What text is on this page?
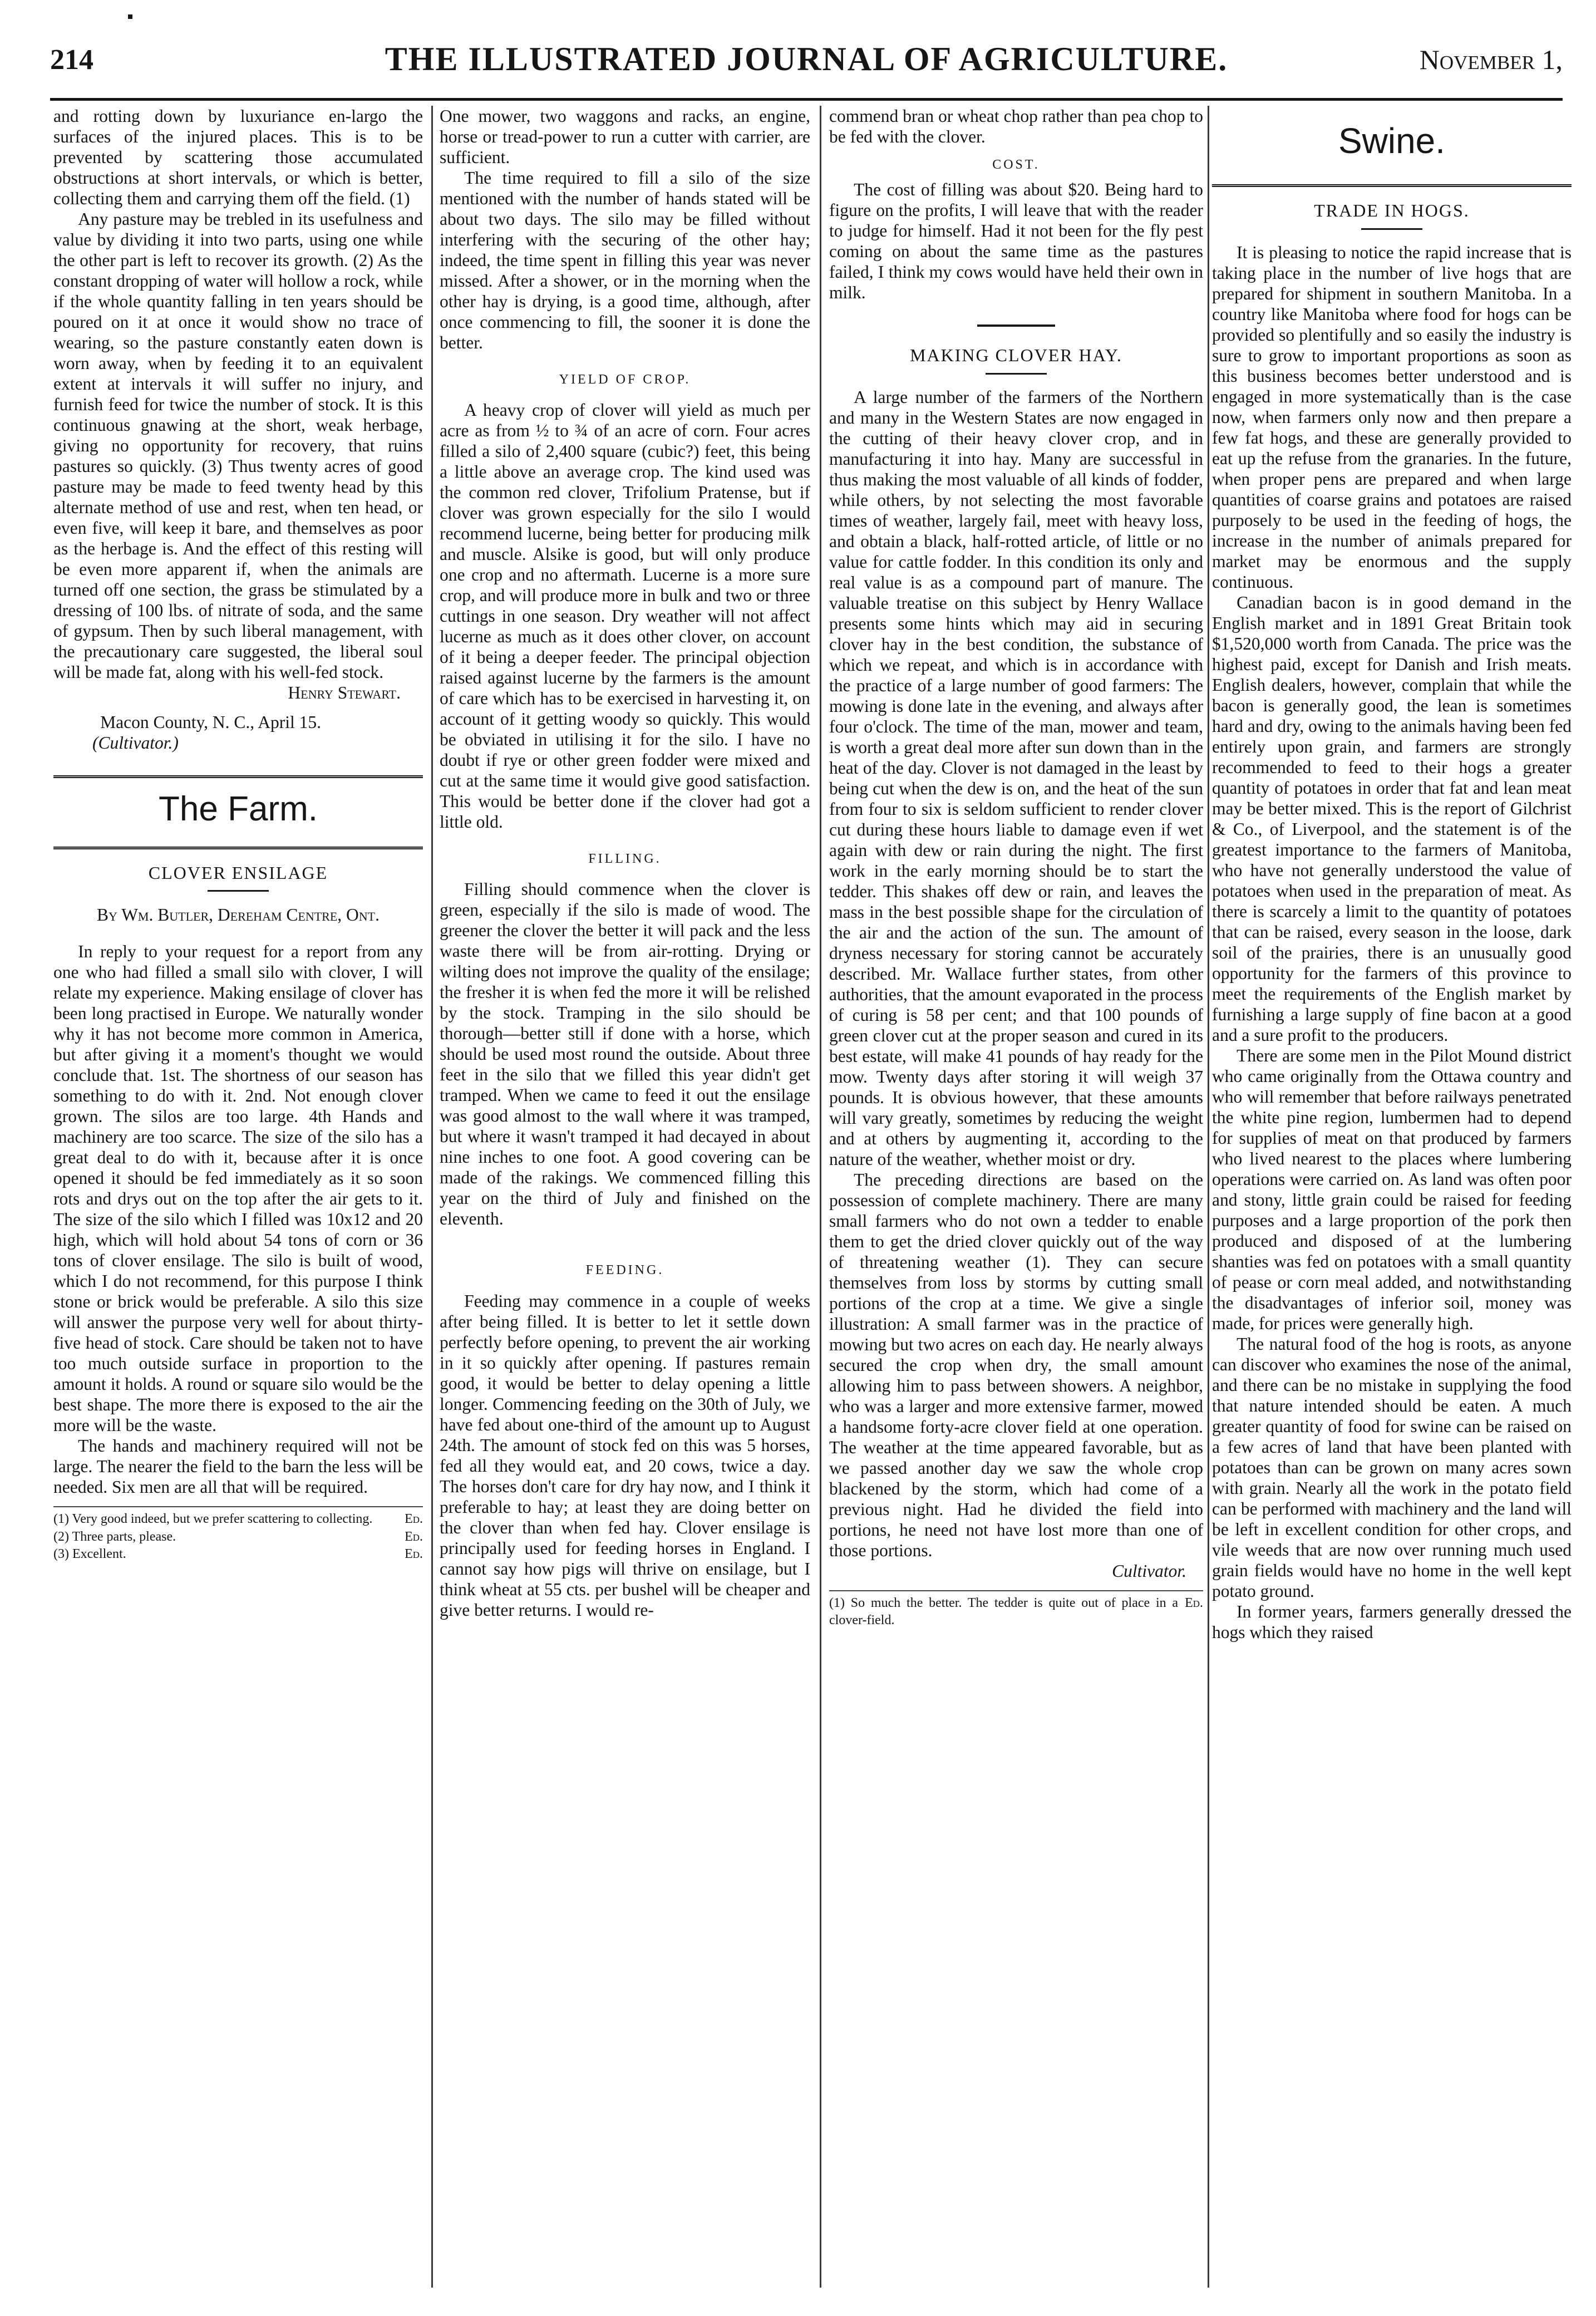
214	THE ILLUSTRATED JOURNAL OF AGRICULTURE.	November 1,

and rotting down by luxuriance en-largo the surfaces of the injured places. This is to be prevented by scattering those accumulated obstructions at short intervals, or which is better, collecting them and carrying them off the field. (1)

Any pasture may be trebled in its usefulness and value by dividing it into two parts, using one while the other part is left to recover its growth. (2) As the constant dropping of water will hollow a rock, while if the whole quantity falling in ten years should be poured on it at once it would show no trace of wearing, so the pasture constantly eaten down is worn away, when by feeding it to an equivalent extent at intervals it will suffer no injury, and furnish feed for twice the number of stock. It is this continuous gnawing at the short, weak herbage, giving no opportunity for recovery, that ruins pastures so quickly. (3) Thus twenty acres of good pasture may be made to feed twenty head by this alternate method of use and rest, when ten head, or even five, will keep it bare, and themselves as poor as the herbage is. And the effect of this resting will be even more apparent if, when the animals are turned off one section, the grass be stimulated by a dressing of 100 lbs. of nitrate of soda, and the same of gypsum. Then by such liberal management, with the precautionary care suggested, the liberal soul will be made fat, along with his well-fed stock.

Henry Stewart.

Macon County, N. C., April 15.

(Cultivator.)

The Farm.
CLOVER ENSILAGE
By Wm. Butler, Dereham Centre, Ont.

In reply to your request for a report from any one who had filled a small silo with clover, I will relate my experience. Making ensilage of clover has been long practised in Europe. We naturally wonder why it has not become more common in America, but after giving it a moment's thought we would conclude that. 1st. The shortness of our season has something to do with it. 2nd. Not enough clover grown. The silos are too large. 4th Hands and machinery are too scarce. The size of the silo has a great deal to do with it, because after it is once opened it should be fed immediately as it so soon rots and drys out on the top after the air gets to it. The size of the silo which I filled was 10x12 and 20 high, which will hold about 54 tons of corn or 36 tons of clover ensilage. The silo is built of wood, which I do not recommend, for this purpose I think stone or brick would be preferable. A silo this size will answer the purpose very well for about thirty-five head of stock. Care should be taken not to have too much outside surface in proportion to the amount it holds. A round or square silo would be the best shape. The more there is exposed to the air the more will be the waste.

The hands and machinery required will not be large. The nearer the field to the barn the less will be needed. Six men are all that will be required.

(1) Very good indeed, but we prefer scattering to collecting.	Ed.
(2) Three parts, please.	Ed.
(3) Excellent.	Ed.

One mower, two waggons and racks, an engine, horse or tread-power to run a cutter with carrier, are sufficient.

The time required to fill a silo of the size mentioned with the number of hands stated will be about two days. The silo may be filled without interfering with the securing of the other hay; indeed, the time spent in filling this year was never missed. After a shower, or in the morning when the other hay is drying, is a good time, although, after once commencing to fill, the sooner it is done the better.

YIELD OF CROP.

A heavy crop of clover will yield as much per acre as from ½ to ¾ of an acre of corn. Four acres filled a silo of 2,400 square (cubic?) feet, this being a little above an average crop. The kind used was the common red clover, Trifolium Pratense, but if clover was grown especially for the silo I would recommend lucerne, being better for producing milk and muscle. Alsike is good, but will only produce one crop and no aftermath. Lucerne is a more sure crop, and will produce more in bulk and two or three cuttings in one season. Dry weather will not affect lucerne as much as it does other clover, on account of it being a deeper feeder. The principal objection raised against lucerne by the farmers is the amount of care which has to be exercised in harvesting it, on account of it getting woody so quickly. This would be obviated in utilising it for the silo. I have no doubt if rye or other green fodder were mixed and cut at the same time it would give good satisfaction. This would be better done if the clover had got a little old.

FILLING.

Filling should commence when the clover is green, especially if the silo is made of wood. The greener the clover the better it will pack and the less waste there will be from air-rotting. Drying or wilting does not improve the quality of the ensilage; the fresher it is when fed the more it will be relished by the stock. Tramping in the silo should be thorough—better still if done with a horse, which should be used most round the outside. About three feet in the silo that we filled this year didn't get tramped. When we came to feed it out the ensilage was good almost to the wall where it was tramped, but where it wasn't tramped it had decayed in about nine inches to one foot. A good covering can be made of the rakings. We commenced filling this year on the third of July and finished on the eleventh.

FEEDING.

Feeding may commence in a couple of weeks after being filled. It is better to let it settle down perfectly before opening, to prevent the air working in it so quickly after opening. If pastures remain good, it would be better to delay opening a little longer. Commencing feeding on the 30th of July, we have fed about one-third of the amount up to August 24th. The amount of stock fed on this was 5 horses, fed all they would eat, and 20 cows, twice a day. The horses don't care for dry hay now, and I think it preferable to hay; at least they are doing better on the clover than when fed hay. Clover ensilage is principally used for feeding horses in England. I cannot say how pigs will thrive on ensilage, but I think wheat at 55 cts. per bushel will be cheaper and give better returns. I would re-

commend bran or wheat chop rather than pea chop to be fed with the clover.

COST.

The cost of filling was about $20. Being hard to figure on the profits, I will leave that with the reader to judge for himself. Had it not been for the fly pest coming on about the same time as the pastures failed, I think my cows would have held their own in milk.

MAKING CLOVER HAY.

A large number of the farmers of the Northern and many in the Western States are now engaged in the cutting of their heavy clover crop, and in manufacturing it into hay. Many are successful in thus making the most valuable of all kinds of fodder, while others, by not selecting the most favorable times of weather, largely fail, meet with heavy loss, and obtain a black, half-rotted article, of little or no value for cattle fodder. In this condition its only and real value is as a compound part of manure. The valuable treatise on this subject by Henry Wallace presents some hints which may aid in securing clover hay in the best condition, the substance of which we repeat, and which is in accordance with the practice of a large number of good farmers: The mowing is done late in the evening, and always after four o'clock. The time of the man, mower and team, is worth a great deal more after sun down than in the heat of the day. Clover is not damaged in the least by being cut when the dew is on, and the heat of the sun from four to six is seldom sufficient to render clover cut during these hours liable to damage even if wet again with dew or rain during the night. The first work in the early morning should be to start the tedder. This shakes off dew or rain, and leaves the mass in the best possible shape for the circulation of the air and the action of the sun. The amount of dryness necessary for storing cannot be accurately described. Mr. Wallace further states, from other authorities, that the amount evaporated in the process of curing is 58 per cent; and that 100 pounds of green clover cut at the proper season and cured in its best estate, will make 41 pounds of hay ready for the mow. Twenty days after storing it will weigh 37 pounds. It is obvious however, that these amounts will vary greatly, sometimes by reducing the weight and at others by augmenting it, according to the nature of the weather, whether moist or dry.

The preceding directions are based on the possession of complete machinery. There are many small farmers who do not own a tedder to enable them to get the dried clover quickly out of the way of threatening weather (1). They can secure themselves from loss by storms by cutting small portions of the crop at a time. We give a single illustration: A small farmer was in the practice of mowing but two acres on each day. He nearly always secured the crop when dry, the small amount allowing him to pass between showers. A neighbor, who was a larger and more extensive farmer, mowed a handsome forty-acre clover field at one operation. The weather at the time appeared favorable, but as we passed another day we saw the whole crop blackened by the storm, which had come of a previous night. Had he divided the field into portions, he need not have lost more than one of those portions.

Cultivator.

(1) So much the better. The tedder is quite out of place in a clover-field.
Ed.
Swine.
TRADE IN HOGS.

It is pleasing to notice the rapid increase that is taking place in the number of live hogs that are prepared for shipment in southern Manitoba. In a country like Manitoba where food for hogs can be provided so plentifully and so easily the industry is sure to grow to important proportions as soon as this business becomes better understood and is engaged in more systematically than is the case now, when farmers only now and then prepare a few fat hogs, and these are generally provided to eat up the refuse from the granaries. In the future, when proper pens are prepared and when large quantities of coarse grains and potatoes are raised purposely to be used in the feeding of hogs, the increase in the number of animals prepared for market may be enormous and the supply continuous.

Canadian bacon is in good demand in the English market and in 1891 Great Britain took $1,520,000 worth from Canada. The price was the highest paid, except for Danish and Irish meats. English dealers, however, complain that while the bacon is generally good, the lean is sometimes hard and dry, owing to the animals having been fed entirely upon grain, and farmers are strongly recommended to feed to their hogs a greater quantity of potatoes in order that fat and lean meat may be better mixed. This is the report of Gilchrist & Co., of Liverpool, and the statement is of the greatest importance to the farmers of Manitoba, who have not generally understood the value of potatoes when used in the preparation of meat. As there is scarcely a limit to the quantity of potatoes that can be raised, every season in the loose, dark soil of the prairies, there is an unusually good opportunity for the farmers of this province to meet the requirements of the English market by furnishing a large supply of fine bacon at a good and a sure profit to the producers.

There are some men in the Pilot Mound district who came originally from the Ottawa country and who will remember that before railways penetrated the white pine region, lumbermen had to depend for supplies of meat on that produced by farmers who lived nearest to the places where lumbering operations were carried on. As land was often poor and stony, little grain could be raised for feeding purposes and a large proportion of the pork then produced and disposed of at the lumbering shanties was fed on potatoes with a small quantity of pease or corn meal added, and notwithstanding the disadvantages of inferior soil, money was made, for prices were generally high.

The natural food of the hog is roots, as anyone can discover who examines the nose of the animal, and there can be no mistake in supplying the food that nature intended should be eaten. A much greater quantity of food for swine can be raised on a few acres of land that have been planted with potatoes than can be grown on many acres sown with grain. Nearly all the work in the potato field can be performed with machinery and the land will be left in excellent condition for other crops, and vile weeds that are now over running much used grain fields would have no home in the well kept potato ground.

In former years, farmers generally dressed the hogs which they raised
